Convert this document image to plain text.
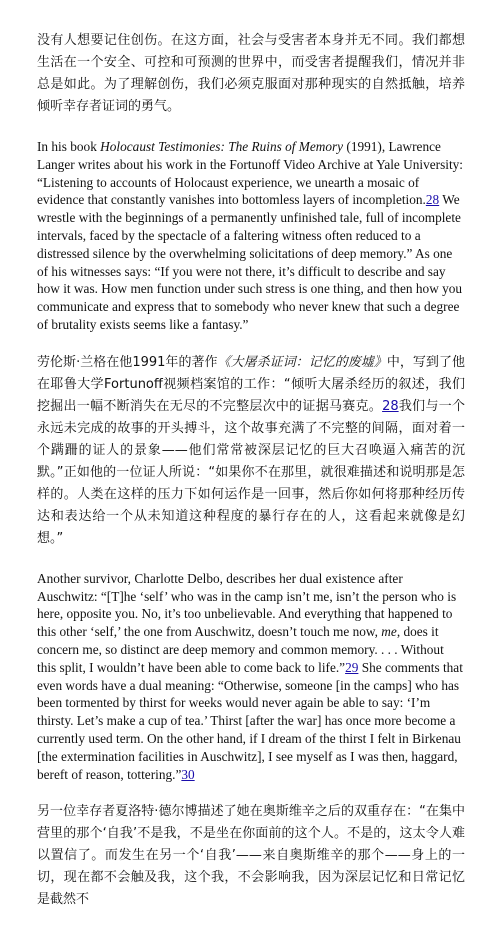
没有人想要记住创伤。在这方面，社会与受害者本身并无不同。我们都想生活在一个安全、可控和可预测的世界中，而受害者提醒我们，情况并非总是如此。为了理解创伤，我们必须克服面对那种现实的自然抵触，培养倾听幸存者证词的勇气。

In his book Holocaust Testimonies: The Ruins of Memory (1991), Lawrence Langer writes about his work in the Fortunoff Video Archive at Yale University: “Listening to accounts of Holocaust experience, we unearth a mosaic of evidence that constantly vanishes into bottomless layers of incompletion.28 We wrestle with the beginnings of a permanently unfinished tale, full of incomplete intervals, faced by the spectacle of a faltering witness often reduced to a distressed silence by the overwhelming solicitations of deep memory.” As one of his witnesses says: “If you were not there, it’s difficult to describe and say how it was. How men function under such stress is one thing, and then how you communicate and express that to somebody who never knew that such a degree of brutality exists seems like a fantasy.”

劳伦斯·兰格在他1991年的著作《大屠杀证词：记忆的废墟》中，写到了他在耶鲁大学Fortunoff视频档案馆的工作：“倾听大屠杀经历的叙述，我们挖掘出一幅不断消失在无尽的不完整层次中的证据马赛克。28我们与一个永远未完成的故事的开头搏斗，这个故事充满了不完整的间隔，面对着一个蹒跚的证人的景象——他们常常被深层记忆的巨大召唤逼入痛苦的沉默。”正如他的一位证人所说：“如果你不在那里，就很难描述和说明那是怎样的。人类在这样的压力下如何运作是一回事，然后你如何将那种经历传达和表达给一个从未知道这种程度的暴行存在的人，这看起来就像是幻想。”

Another survivor, Charlotte Delbo, describes her dual existence after Auschwitz: “[T]he ‘self’ who was in the camp isn’t me, isn’t the person who is here, opposite you. No, it’s too unbelievable. And everything that happened to this other ‘self,’ the one from Auschwitz, doesn’t touch me now, me, does it concern me, so distinct are deep memory and common memory. . . . Without this split, I wouldn’t have been able to come back to life.”29 She comments that even words have a dual meaning: “Otherwise, someone [in the camps] who has been tormented by thirst for weeks would never again be able to say: ‘I’m thirsty. Let’s make a cup of tea.’ Thirst [after the war] has once more become a currently used term. On the other hand, if I dream of the thirst I felt in Birkenau [the extermination facilities in Auschwitz], I see myself as I was then, haggard, bereft of reason, tottering.”30

另一位幸存者夏洛特·德尔博描述了她在奥斯维辛之后的双重存在：“在集中营里的那个‘自我’不是我，不是坐在你面前的这个人。不是的，这太令人难以置信了。而发生在另一个‘自我’——来自奥斯维辛的那个——身上的一切，现在都不会触及我，这个我，不会影响我，因为深层记忆和日常记忆是截然不
